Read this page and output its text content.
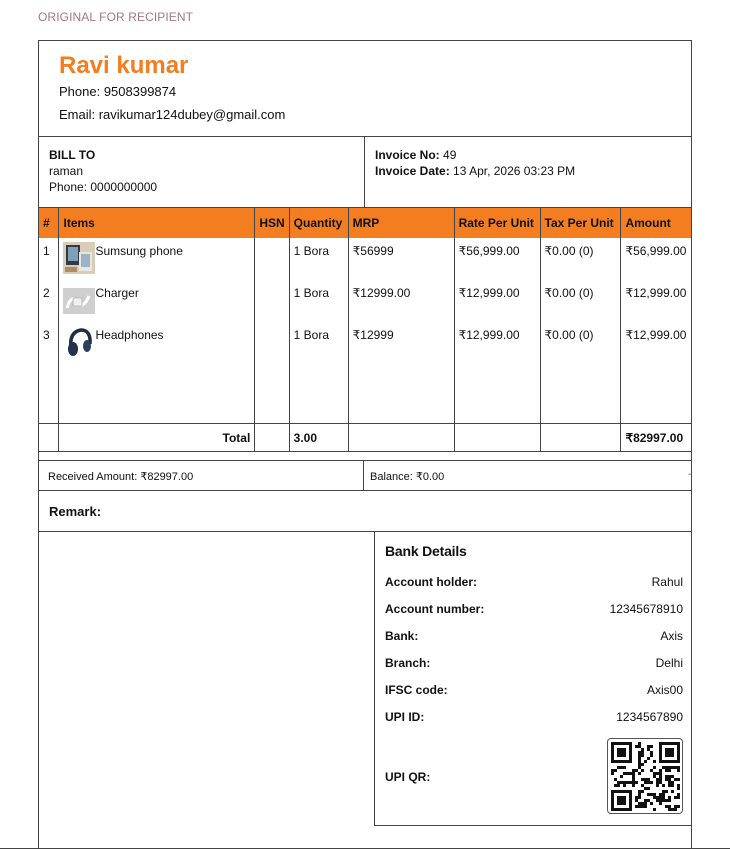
ORIGINAL FOR RECIPIENT
Ravi kumar
Phone: 9508399874
Email: ravikumar124dubey@gmail.com
BILL TO
raman
Phone: 0000000000
Invoice No: 49
Invoice Date: 13 Apr, 2026 03:23 PM
#	Items	HSN	Quantity	MRP	Rate Per Unit	Tax Per Unit	Amount
1	Sumsung phone		1 Bora	₹56999	₹56,999.00	₹0.00 (0)	₹56,999.00
2	Charger		1 Bora	₹12999.00	₹12,999.00	₹0.00 (0)	₹12,999.00
3	Headphones		1 Bora	₹12999	₹12,999.00	₹0.00 (0)	₹12,999.00

	Total		3.00				₹82997.00
Received Amount: ₹82997.00	Balance: ₹0.00	-
Remark:
Bank Details
Account holder:	Rahul
Account number:	12345678910
Bank:	Axis
Branch:	Delhi
IFSC code:	Axis00
UPI ID:	1234567890
UPI QR:
